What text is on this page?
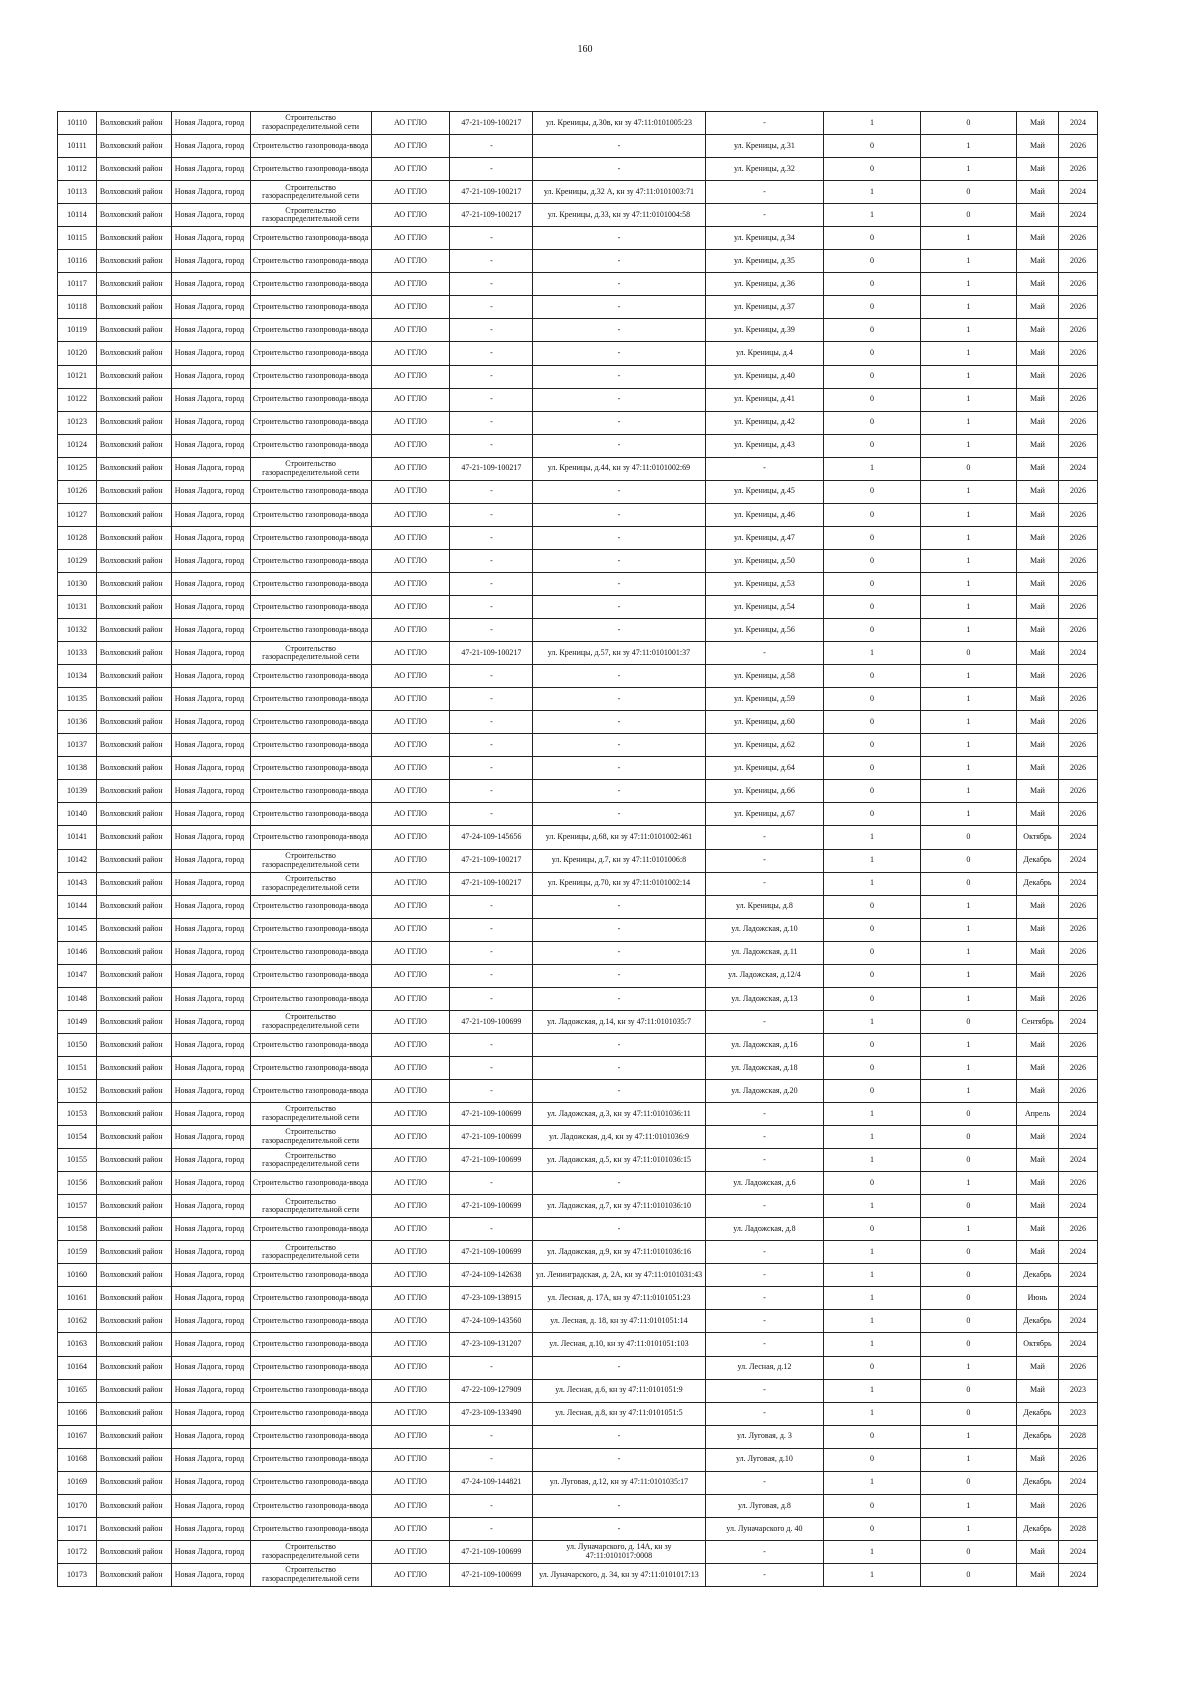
160
10110	Волховский район	Новая Ладога, город	Строительство газораспределительной сети	АО ГГЛО	47-21-109-100217	ул. Креницы, д.30в, кн зу 47:11:0101005:23	-	1	0	Май	2024
10111	Волховский район	Новая Ладога, город	Строительство газопровода-ввода	АО ГГЛО	-	-	ул. Креницы, д.31	0	1	Май	2026
10112	Волховский район	Новая Ладога, город	Строительство газопровода-ввода	АО ГГЛО	-	-	ул. Креницы, д.32	0	1	Май	2026
10113	Волховский район	Новая Ладога, город	Строительство газораспределительной сети	АО ГГЛО	47-21-109-100217	ул. Креницы, д.32 А, кн зу 47:11:0101003:71	-	1	0	Май	2024
10114	Волховский район	Новая Ладога, город	Строительство газораспределительной сети	АО ГГЛО	47-21-109-100217	ул. Креницы, д.33, кн зу 47:11:0101004:58	-	1	0	Май	2024
10115	Волховский район	Новая Ладога, город	Строительство газопровода-ввода	АО ГГЛО	-	-	ул. Креницы, д.34	0	1	Май	2026
10116	Волховский район	Новая Ладога, город	Строительство газопровода-ввода	АО ГГЛО	-	-	ул. Креницы, д.35	0	1	Май	2026
10117	Волховский район	Новая Ладога, город	Строительство газопровода-ввода	АО ГГЛО	-	-	ул. Креницы, д.36	0	1	Май	2026
10118	Волховский район	Новая Ладога, город	Строительство газопровода-ввода	АО ГГЛО	-	-	ул. Креницы, д.37	0	1	Май	2026
10119	Волховский район	Новая Ладога, город	Строительство газопровода-ввода	АО ГГЛО	-	-	ул. Креницы, д.39	0	1	Май	2026
10120	Волховский район	Новая Ладога, город	Строительство газопровода-ввода	АО ГГЛО	-	-	ул. Креницы, д.4	0	1	Май	2026
10121	Волховский район	Новая Ладога, город	Строительство газопровода-ввода	АО ГГЛО	-	-	ул. Креницы, д.40	0	1	Май	2026
10122	Волховский район	Новая Ладога, город	Строительство газопровода-ввода	АО ГГЛО	-	-	ул. Креницы, д.41	0	1	Май	2026
10123	Волховский район	Новая Ладога, город	Строительство газопровода-ввода	АО ГГЛО	-	-	ул. Креницы, д.42	0	1	Май	2026
10124	Волховский район	Новая Ладога, город	Строительство газопровода-ввода	АО ГГЛО	-	-	ул. Креницы, д.43	0	1	Май	2026
10125	Волховский район	Новая Ладога, город	Строительство газораспределительной сети	АО ГГЛО	47-21-109-100217	ул. Креницы, д.44, кн зу 47:11:0101002:69	-	1	0	Май	2024
10126	Волховский район	Новая Ладога, город	Строительство газопровода-ввода	АО ГГЛО	-	-	ул. Креницы, д.45	0	1	Май	2026
10127	Волховский район	Новая Ладога, город	Строительство газопровода-ввода	АО ГГЛО	-	-	ул. Креницы, д.46	0	1	Май	2026
10128	Волховский район	Новая Ладога, город	Строительство газопровода-ввода	АО ГГЛО	-	-	ул. Креницы, д.47	0	1	Май	2026
10129	Волховский район	Новая Ладога, город	Строительство газопровода-ввода	АО ГГЛО	-	-	ул. Креницы, д.50	0	1	Май	2026
10130	Волховский район	Новая Ладога, город	Строительство газопровода-ввода	АО ГГЛО	-	-	ул. Креницы, д.53	0	1	Май	2026
10131	Волховский район	Новая Ладога, город	Строительство газопровода-ввода	АО ГГЛО	-	-	ул. Креницы, д.54	0	1	Май	2026
10132	Волховский район	Новая Ладога, город	Строительство газопровода-ввода	АО ГГЛО	-	-	ул. Креницы, д.56	0	1	Май	2026
10133	Волховский район	Новая Ладога, город	Строительство газораспределительной сети	АО ГГЛО	47-21-109-100217	ул. Креницы, д.57, кн зу 47:11:0101001:37	-	1	0	Май	2024
10134	Волховский район	Новая Ладога, город	Строительство газопровода-ввода	АО ГГЛО	-	-	ул. Креницы, д.58	0	1	Май	2026
10135	Волховский район	Новая Ладога, город	Строительство газопровода-ввода	АО ГГЛО	-	-	ул. Креницы, д.59	0	1	Май	2026
10136	Волховский район	Новая Ладога, город	Строительство газопровода-ввода	АО ГГЛО	-	-	ул. Креницы, д.60	0	1	Май	2026
10137	Волховский район	Новая Ладога, город	Строительство газопровода-ввода	АО ГГЛО	-	-	ул. Креницы, д.62	0	1	Май	2026
10138	Волховский район	Новая Ладога, город	Строительство газопровода-ввода	АО ГГЛО	-	-	ул. Креницы, д.64	0	1	Май	2026
10139	Волховский район	Новая Ладога, город	Строительство газопровода-ввода	АО ГГЛО	-	-	ул. Креницы, д.66	0	1	Май	2026
10140	Волховский район	Новая Ладога, город	Строительство газопровода-ввода	АО ГГЛО	-	-	ул. Креницы, д.67	0	1	Май	2026
10141	Волховский район	Новая Ладога, город	Строительство газопровода-ввода	АО ГГЛО	47-24-109-145656	ул. Креницы, д.68, кн зу 47:11:0101002:461	-	1	0	Октябрь	2024
10142	Волховский район	Новая Ладога, город	Строительство газораспределительной сети	АО ГГЛО	47-21-109-100217	ул. Креницы, д.7, кн зу 47:11:0101006:8	-	1	0	Декабрь	2024
10143	Волховский район	Новая Ладога, город	Строительство газораспределительной сети	АО ГГЛО	47-21-109-100217	ул. Креницы, д.70, кн зу 47:11:0101002:14	-	1	0	Декабрь	2024
10144	Волховский район	Новая Ладога, город	Строительство газопровода-ввода	АО ГГЛО	-	-	ул. Креницы, д.8	0	1	Май	2026
10145	Волховский район	Новая Ладога, город	Строительство газопровода-ввода	АО ГГЛО	-	-	ул. Ладожская, д.10	0	1	Май	2026
10146	Волховский район	Новая Ладога, город	Строительство газопровода-ввода	АО ГГЛО	-	-	ул. Ладожская, д.11	0	1	Май	2026
10147	Волховский район	Новая Ладога, город	Строительство газопровода-ввода	АО ГГЛО	-	-	ул. Ладожская, д.12/4	0	1	Май	2026
10148	Волховский район	Новая Ладога, город	Строительство газопровода-ввода	АО ГГЛО	-	-	ул. Ладожская, д.13	0	1	Май	2026
10149	Волховский район	Новая Ладога, город	Строительство газораспределительной сети	АО ГГЛО	47-21-109-100699	ул. Ладожская, д.14, кн зу 47:11:0101035:7	-	1	0	Сентябрь	2024
10150	Волховский район	Новая Ладога, город	Строительство газопровода-ввода	АО ГГЛО	-	-	ул. Ладожская, д.16	0	1	Май	2026
10151	Волховский район	Новая Ладога, город	Строительство газопровода-ввода	АО ГГЛО	-	-	ул. Ладожская, д.18	0	1	Май	2026
10152	Волховский район	Новая Ладога, город	Строительство газопровода-ввода	АО ГГЛО	-	-	ул. Ладожская, д.20	0	1	Май	2026
10153	Волховский район	Новая Ладога, город	Строительство газораспределительной сети	АО ГГЛО	47-21-109-100699	ул. Ладожская, д.3, кн зу 47:11:0101036:11	-	1	0	Апрель	2024
10154	Волховский район	Новая Ладога, город	Строительство газораспределительной сети	АО ГГЛО	47-21-109-100699	ул. Ладожская, д.4, кн зу 47:11:0101036:9	-	1	0	Май	2024
10155	Волховский район	Новая Ладога, город	Строительство газораспределительной сети	АО ГГЛО	47-21-109-100699	ул. Ладожская, д.5, кн зу 47:11:0101036:15	-	1	0	Май	2024
10156	Волховский район	Новая Ладога, город	Строительство газопровода-ввода	АО ГГЛО	-	-	ул. Ладожская, д.6	0	1	Май	2026
10157	Волховский район	Новая Ладога, город	Строительство газораспределительной сети	АО ГГЛО	47-21-109-100699	ул. Ладожская, д.7, кн зу 47:11:0101036:10	-	1	0	Май	2024
10158	Волховский район	Новая Ладога, город	Строительство газопровода-ввода	АО ГГЛО	-	-	ул. Ладожская, д.8	0	1	Май	2026
10159	Волховский район	Новая Ладога, город	Строительство газораспределительной сети	АО ГГЛО	47-21-109-100699	ул. Ладожская, д.9, кн зу 47:11:0101036:16	-	1	0	Май	2024
10160	Волховский район	Новая Ладога, город	Строительство газопровода-ввода	АО ГГЛО	47-24-109-142638	ул. Ленинградская, д. 2А, кн зу 47:11:0101031:43	-	1	0	Декабрь	2024
10161	Волховский район	Новая Ладога, город	Строительство газопровода-ввода	АО ГГЛО	47-23-109-138915	ул. Лесная, д. 17А, кн зу 47:11:0101051:23	-	1	0	Июнь	2024
10162	Волховский район	Новая Ладога, город	Строительство газопровода-ввода	АО ГГЛО	47-24-109-143560	ул. Лесная, д. 18, кн зу 47:11:0101051:14	-	1	0	Декабрь	2024
10163	Волховский район	Новая Ладога, город	Строительство газопровода-ввода	АО ГГЛО	47-23-109-131207	ул. Лесная, д.10, кн зу 47:11:0101051:103	-	1	0	Октябрь	2024
10164	Волховский район	Новая Ладога, город	Строительство газопровода-ввода	АО ГГЛО	-	-	ул. Лесная, д.12	0	1	Май	2026
10165	Волховский район	Новая Ладога, город	Строительство газопровода-ввода	АО ГГЛО	47-22-109-127909	ул. Лесная, д.6, кн зу 47:11:0101051:9	-	1	0	Май	2023
10166	Волховский район	Новая Ладога, город	Строительство газопровода-ввода	АО ГГЛО	47-23-109-133490	ул. Лесная, д.8, кн зу 47:11:0101051:5	-	1	0	Декабрь	2023
10167	Волховский район	Новая Ладога, город	Строительство газопровода-ввода	АО ГГЛО	-	-	ул. Луговая, д. 3	0	1	Декабрь	2028
10168	Волховский район	Новая Ладога, город	Строительство газопровода-ввода	АО ГГЛО	-	-	ул. Луговая, д.10	0	1	Май	2026
10169	Волховский район	Новая Ладога, город	Строительство газопровода-ввода	АО ГГЛО	47-24-109-144821	ул. Луговая, д.12, кн зу 47:11:0101035:17	-	1	0	Декабрь	2024
10170	Волховский район	Новая Ладога, город	Строительство газопровода-ввода	АО ГГЛО	-	-	ул. Луговая, д.8	0	1	Май	2026
10171	Волховский район	Новая Ладога, город	Строительство газопровода-ввода	АО ГГЛО	-	-	ул. Луначарского д. 40	0	1	Декабрь	2028
10172	Волховский район	Новая Ладога, город	Строительство газораспределительной сети	АО ГГЛО	47-21-109-100699	ул. Луначарского, д. 14А, кн зу 47:11:0101017:0008	-	1	0	Май	2024
10173	Волховский район	Новая Ладога, город	Строительство газораспределительной сети	АО ГГЛО	47-21-109-100699	ул. Луначарского, д. 34, кн зу 47:11:0101017:13	-	1	0	Май	2024
